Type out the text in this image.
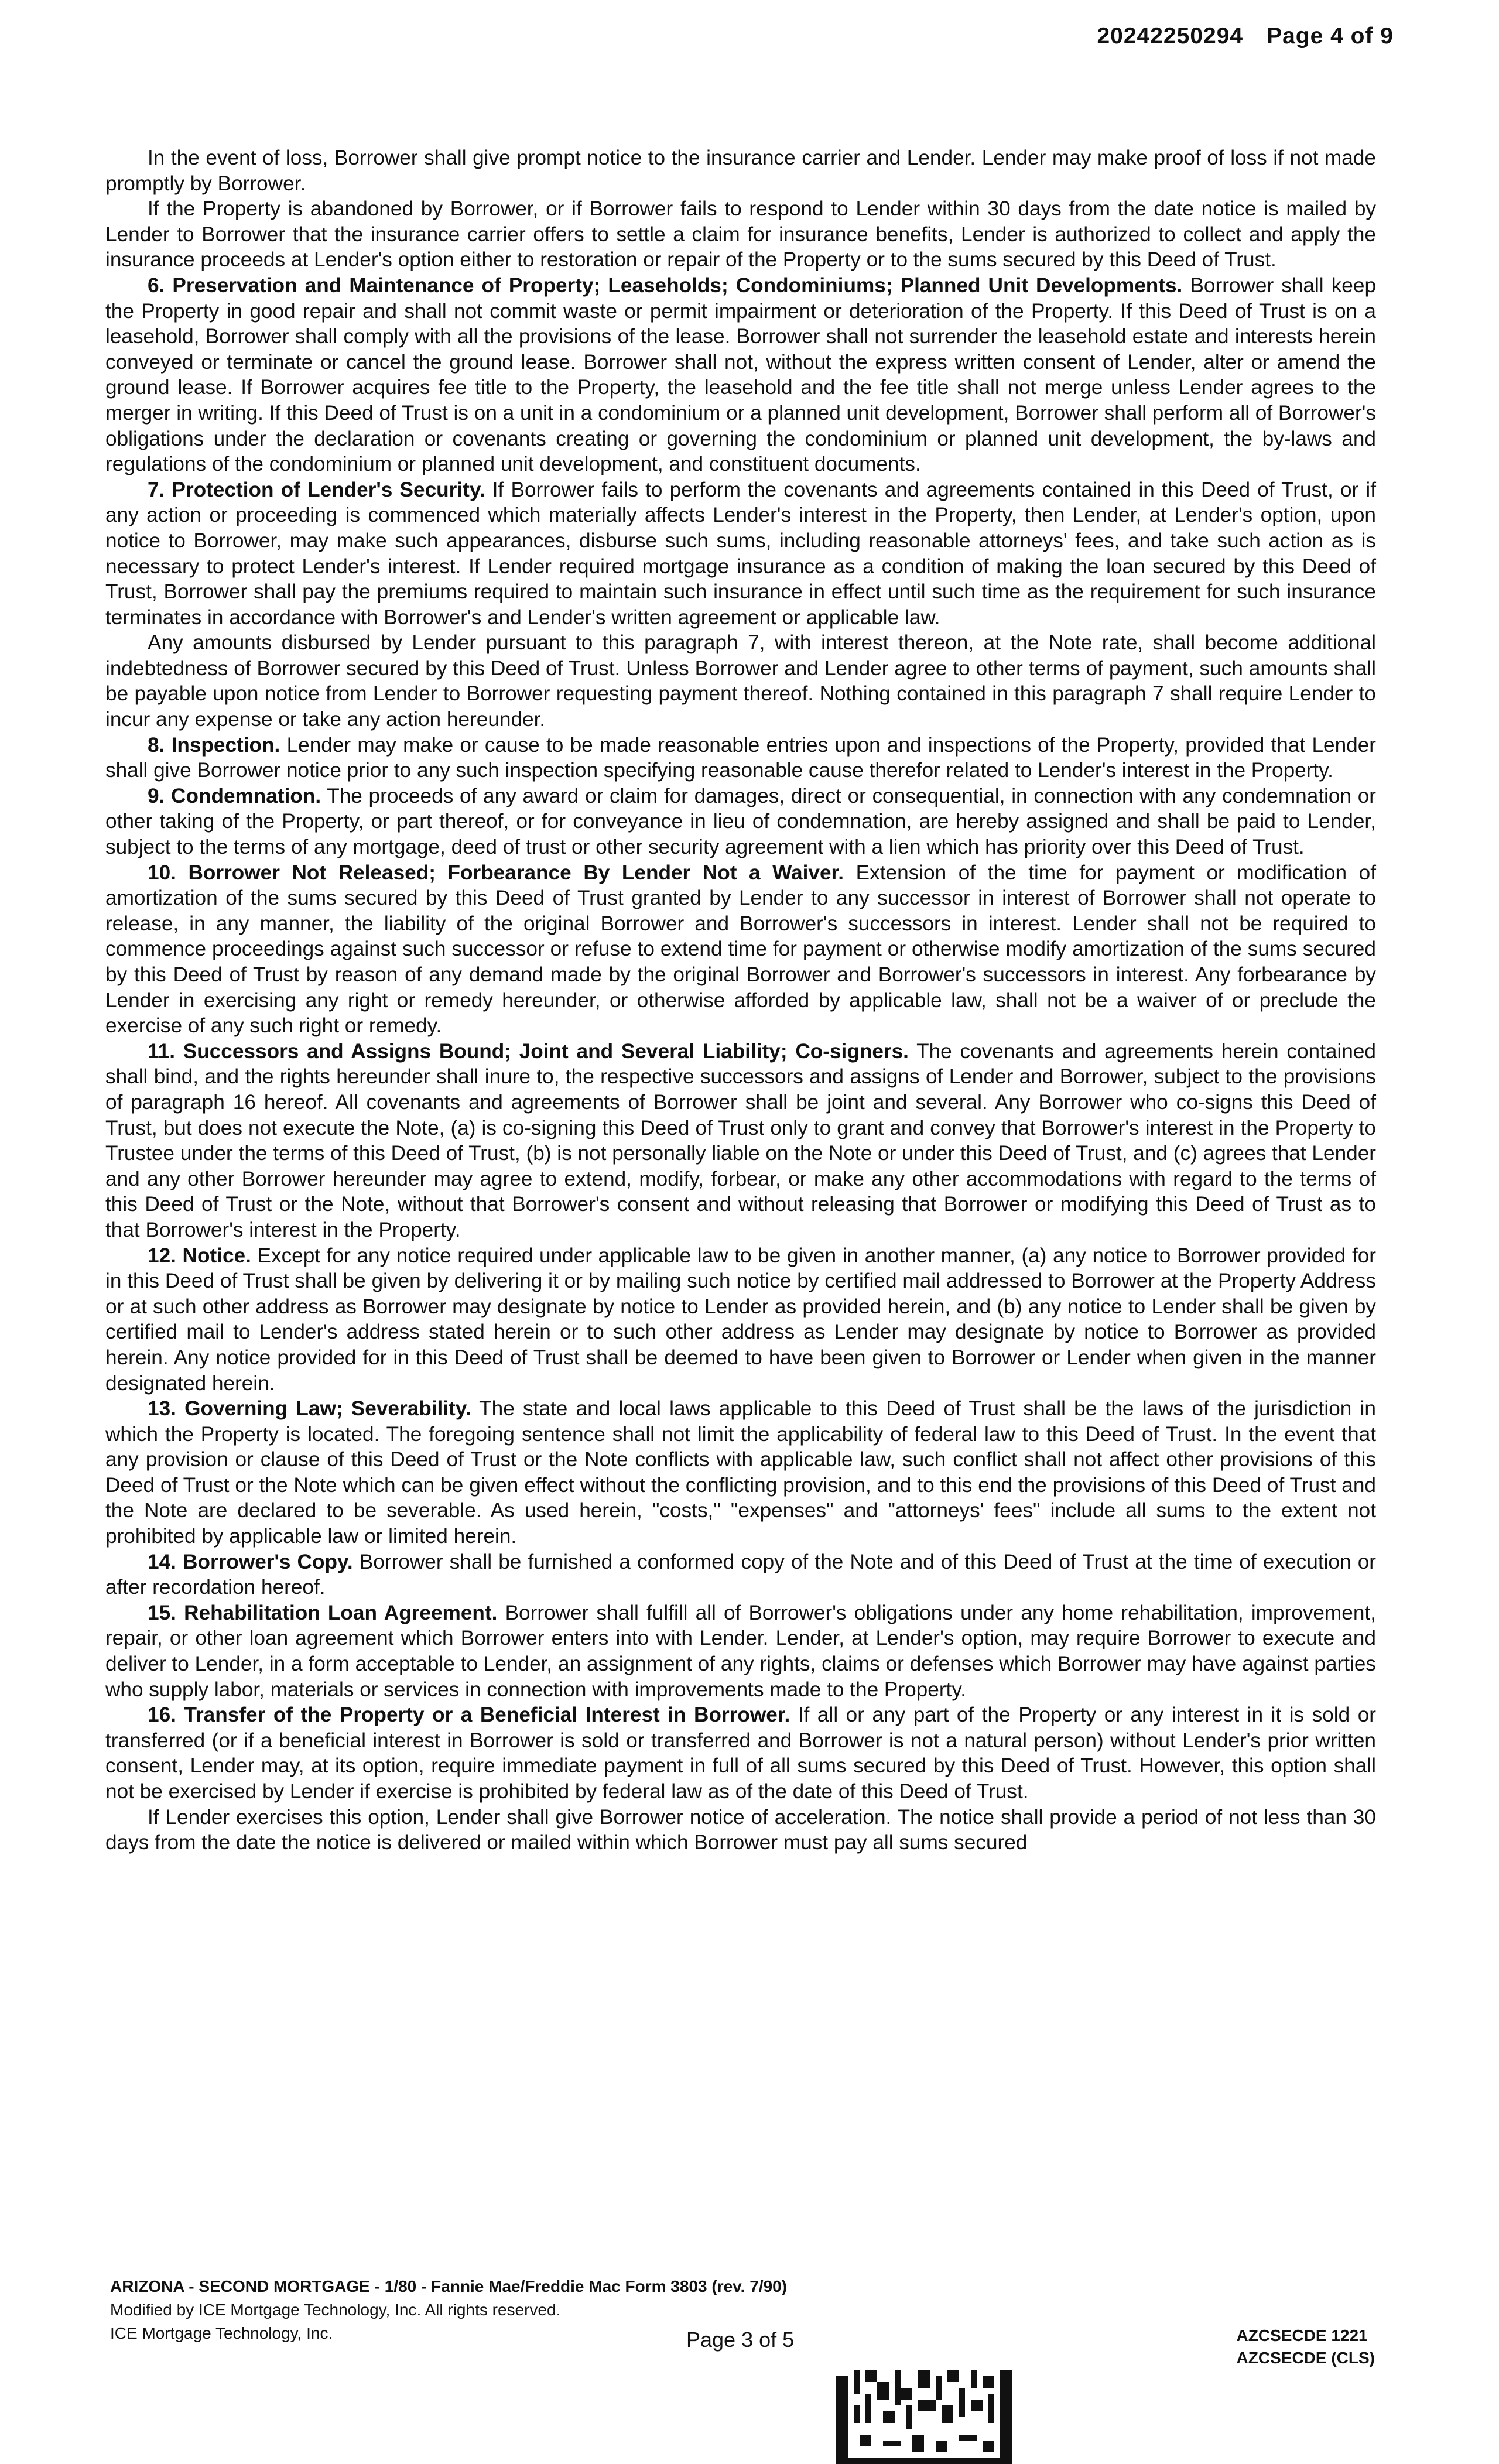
20242250294 Page 4 of 9

In the event of loss, Borrower shall give prompt notice to the insurance carrier and Lender. Lender may make proof of loss if not made promptly by Borrower.

If the Property is abandoned by Borrower, or if Borrower fails to respond to Lender within 30 days from the date notice is mailed by Lender to Borrower that the insurance carrier offers to settle a claim for insurance benefits, Lender is authorized to collect and apply the insurance proceeds at Lender's option either to restoration or repair of the Property or to the sums secured by this Deed of Trust.

6. Preservation and Maintenance of Property; Leaseholds; Condominiums; Planned Unit Developments. Borrower shall keep the Property in good repair and shall not commit waste or permit impairment or deterioration of the Property. If this Deed of Trust is on a leasehold, Borrower shall comply with all the provisions of the lease. Borrower shall not surrender the leasehold estate and interests herein conveyed or terminate or cancel the ground lease. Borrower shall not, without the express written consent of Lender, alter or amend the ground lease. If Borrower acquires fee title to the Property, the leasehold and the fee title shall not merge unless Lender agrees to the merger in writing. If this Deed of Trust is on a unit in a condominium or a planned unit development, Borrower shall perform all of Borrower's obligations under the declaration or covenants creating or governing the condominium or planned unit development, the by-laws and regulations of the condominium or planned unit development, and constituent documents.

7. Protection of Lender's Security. If Borrower fails to perform the covenants and agreements contained in this Deed of Trust, or if any action or proceeding is commenced which materially affects Lender's interest in the Property, then Lender, at Lender's option, upon notice to Borrower, may make such appearances, disburse such sums, including reasonable attorneys' fees, and take such action as is necessary to protect Lender's interest. If Lender required mortgage insurance as a condition of making the loan secured by this Deed of Trust, Borrower shall pay the premiums required to maintain such insurance in effect until such time as the requirement for such insurance terminates in accordance with Borrower's and Lender's written agreement or applicable law.

Any amounts disbursed by Lender pursuant to this paragraph 7, with interest thereon, at the Note rate, shall become additional indebtedness of Borrower secured by this Deed of Trust. Unless Borrower and Lender agree to other terms of payment, such amounts shall be payable upon notice from Lender to Borrower requesting payment thereof. Nothing contained in this paragraph 7 shall require Lender to incur any expense or take any action hereunder.

8. Inspection. Lender may make or cause to be made reasonable entries upon and inspections of the Property, provided that Lender shall give Borrower notice prior to any such inspection specifying reasonable cause therefor related to Lender's interest in the Property.

9. Condemnation. The proceeds of any award or claim for damages, direct or consequential, in connection with any condemnation or other taking of the Property, or part thereof, or for conveyance in lieu of condemnation, are hereby assigned and shall be paid to Lender, subject to the terms of any mortgage, deed of trust or other security agreement with a lien which has priority over this Deed of Trust.

10. Borrower Not Released; Forbearance By Lender Not a Waiver. Extension of the time for payment or modification of amortization of the sums secured by this Deed of Trust granted by Lender to any successor in interest of Borrower shall not operate to release, in any manner, the liability of the original Borrower and Borrower's successors in interest. Lender shall not be required to commence proceedings against such successor or refuse to extend time for payment or otherwise modify amortization of the sums secured by this Deed of Trust by reason of any demand made by the original Borrower and Borrower's successors in interest. Any forbearance by Lender in exercising any right or remedy hereunder, or otherwise afforded by applicable law, shall not be a waiver of or preclude the exercise of any such right or remedy.

11. Successors and Assigns Bound; Joint and Several Liability; Co-signers. The covenants and agreements herein contained shall bind, and the rights hereunder shall inure to, the respective successors and assigns of Lender and Borrower, subject to the provisions of paragraph 16 hereof. All covenants and agreements of Borrower shall be joint and several. Any Borrower who co-signs this Deed of Trust, but does not execute the Note, (a) is co-signing this Deed of Trust only to grant and convey that Borrower's interest in the Property to Trustee under the terms of this Deed of Trust, (b) is not personally liable on the Note or under this Deed of Trust, and (c) agrees that Lender and any other Borrower hereunder may agree to extend, modify, forbear, or make any other accommodations with regard to the terms of this Deed of Trust or the Note, without that Borrower's consent and without releasing that Borrower or modifying this Deed of Trust as to that Borrower's interest in the Property.

12. Notice. Except for any notice required under applicable law to be given in another manner, (a) any notice to Borrower provided for in this Deed of Trust shall be given by delivering it or by mailing such notice by certified mail addressed to Borrower at the Property Address or at such other address as Borrower may designate by notice to Lender as provided herein, and (b) any notice to Lender shall be given by certified mail to Lender's address stated herein or to such other address as Lender may designate by notice to Borrower as provided herein. Any notice provided for in this Deed of Trust shall be deemed to have been given to Borrower or Lender when given in the manner designated herein.

13. Governing Law; Severability. The state and local laws applicable to this Deed of Trust shall be the laws of the jurisdiction in which the Property is located. The foregoing sentence shall not limit the applicability of federal law to this Deed of Trust. In the event that any provision or clause of this Deed of Trust or the Note conflicts with applicable law, such conflict shall not affect other provisions of this Deed of Trust or the Note which can be given effect without the conflicting provision, and to this end the provisions of this Deed of Trust and the Note are declared to be severable. As used herein, "costs," "expenses" and "attorneys' fees" include all sums to the extent not prohibited by applicable law or limited herein.

14. Borrower's Copy. Borrower shall be furnished a conformed copy of the Note and of this Deed of Trust at the time of execution or after recordation hereof.

15. Rehabilitation Loan Agreement. Borrower shall fulfill all of Borrower's obligations under any home rehabilitation, improvement, repair, or other loan agreement which Borrower enters into with Lender. Lender, at Lender's option, may require Borrower to execute and deliver to Lender, in a form acceptable to Lender, an assignment of any rights, claims or defenses which Borrower may have against parties who supply labor, materials or services in connection with improvements made to the Property.

16. Transfer of the Property or a Beneficial Interest in Borrower. If all or any part of the Property or any interest in it is sold or transferred (or if a beneficial interest in Borrower is sold or transferred and Borrower is not a natural person) without Lender's prior written consent, Lender may, at its option, require immediate payment in full of all sums secured by this Deed of Trust. However, this option shall not be exercised by Lender if exercise is prohibited by federal law as of the date of this Deed of Trust.

If Lender exercises this option, Lender shall give Borrower notice of acceleration. The notice shall provide a period of not less than 30 days from the date the notice is delivered or mailed within which Borrower must pay all sums secured

ARIZONA - SECOND MORTGAGE - 1/80 - Fannie Mae/Freddie Mac Form 3803 (rev. 7/90)
Modified by ICE Mortgage Technology, Inc. All rights reserved.
ICE Mortgage Technology, Inc.	Page 3 of 5	AZCSECDE 1221
AZCSECDE (CLS)
